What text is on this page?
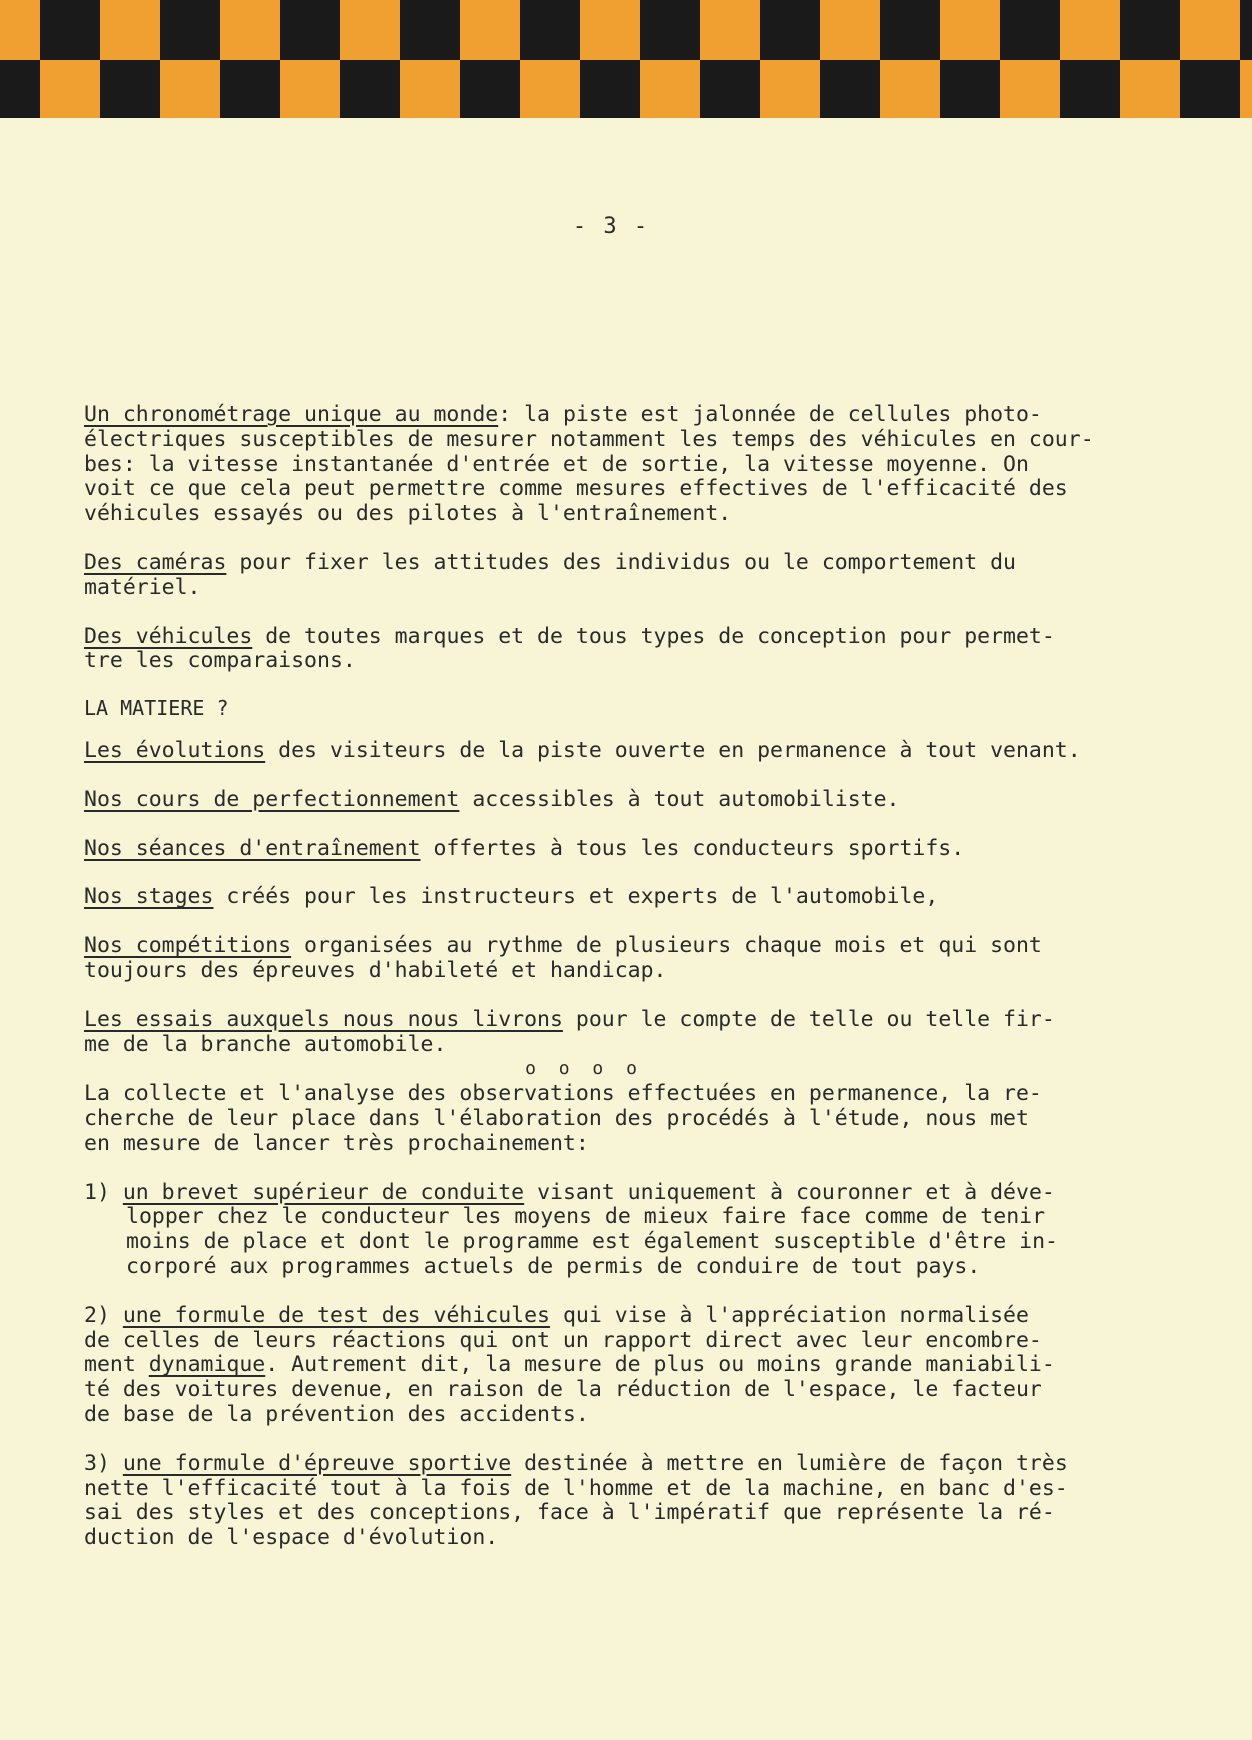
- 3 -

Un chronométrage unique au monde: la piste est jalonnée de cellules photo-

électriques susceptibles de mesurer notamment les temps des véhicules en cour-

bes: la vitesse instantanée d'entrée et de sortie, la vitesse moyenne. On

voit ce que cela peut permettre comme mesures effectives de l'efficacité des

véhicules essayés ou des pilotes à l'entraînement.

Des caméras pour fixer les attitudes des individus ou le comportement du

matériel.

Des véhicules de toutes marques et de tous types de conception pour permet-

tre les comparaisons.

LA MATIERE ?

Les évolutions des visiteurs de la piste ouverte en permanence à tout venant.

Nos cours de perfectionnement accessibles à tout automobiliste.

Nos séances d'entraînement offertes à tous les conducteurs sportifs.

Nos stages créés pour les instructeurs et experts de l'automobile,

Nos compétitions organisées au rythme de plusieurs chaque mois et qui sont

toujours des épreuves d'habileté et handicap.

Les essais auxquels nous nous livrons pour le compte de telle ou telle fir-

me de la branche automobile.

o o o o

La collecte et l'analyse des observations effectuées en permanence, la re-

cherche de leur place dans l'élaboration des procédés à l'étude, nous met

en mesure de lancer très prochainement:

1) un brevet supérieur de conduite visant uniquement à couronner et à déve-

lopper chez le conducteur les moyens de mieux faire face comme de tenir

moins de place et dont le programme est également susceptible d'être in-

corporé aux programmes actuels de permis de conduire de tout pays.

2) une formule de test des véhicules qui vise à l'appréciation normalisée

de celles de leurs réactions qui ont un rapport direct avec leur encombre-

ment dynamique. Autrement dit, la mesure de plus ou moins grande maniabili-

té des voitures devenue, en raison de la réduction de l'espace, le facteur

de base de la prévention des accidents.

3) une formule d'épreuve sportive destinée à mettre en lumière de façon très

nette l'efficacité tout à la fois de l'homme et de la machine, en banc d'es-

sai des styles et des conceptions, face à l'impératif que représente la ré-

duction de l'espace d'évolution.
